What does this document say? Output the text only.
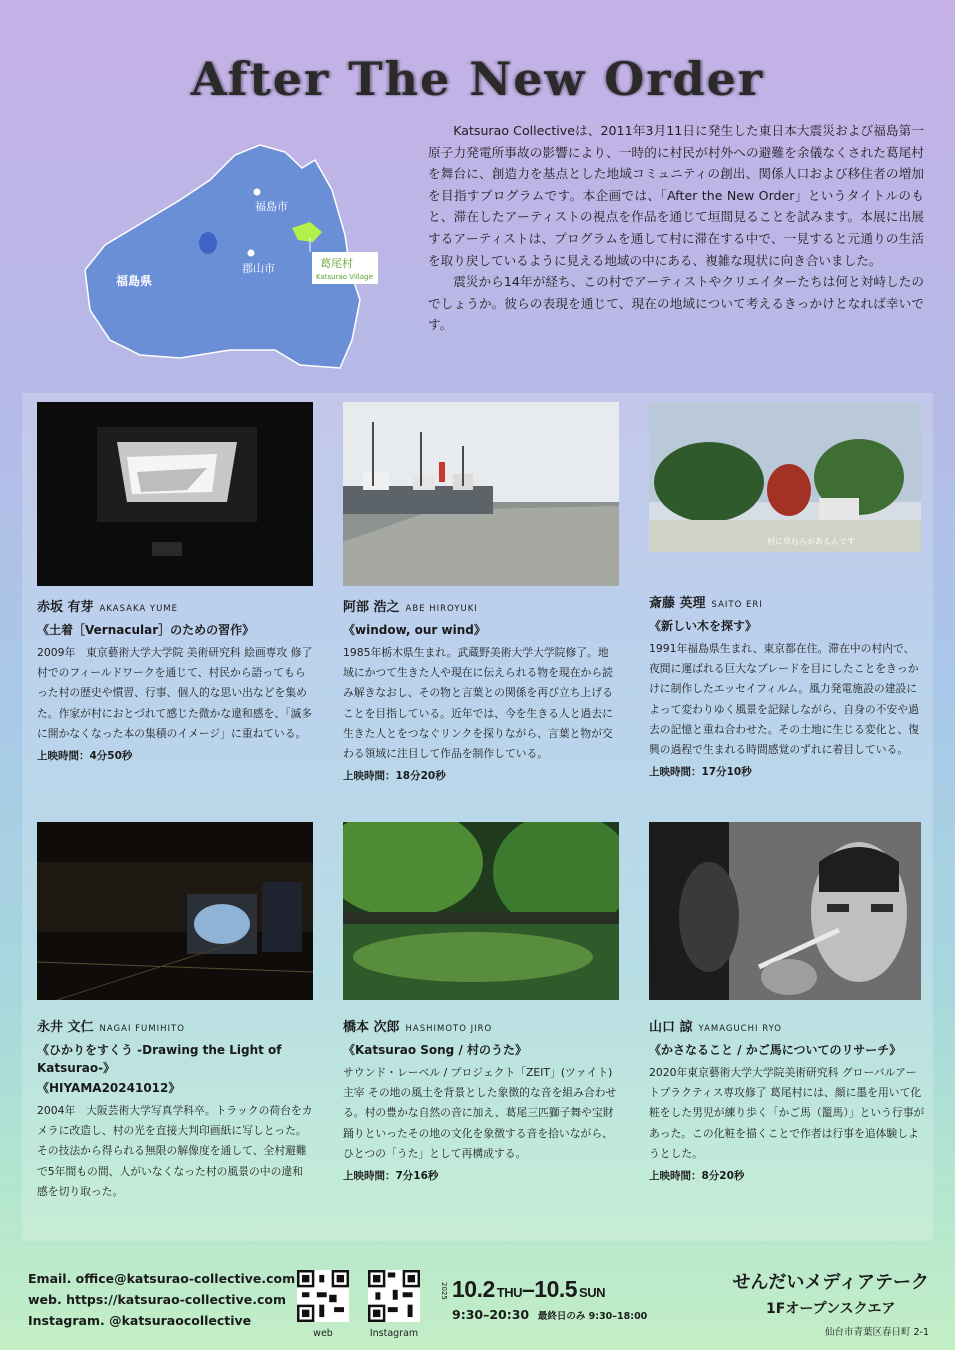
After The New Order
福島市
郡山市
福島県
葛尾村
Katsurao Village

Katsurao Collectiveは、2011年3月11日に発生した東日本大震災および福島第一原子力発電所事故の影響により、一時的に村民が村外への避難を余儀なくされた葛尾村を舞台に、創造力を基点とした地域コミュニティの創出、関係人口および移住者の増加を目指すプログラムです。本企画では、「After the New Order」というタイトルのもと、滞在したアーティストの視点を作品を通じて垣間見ることを試みます。本展に出展するアーティストは、プログラムを通して村に滞在する中で、一見すると元通りの生活を取り戻しているように見える地域の中にある、複雑な現状に向き合いました。

震災から14年が経ち、この村でアーティストやクリエイターたちは何と対峙したのでしょうか。彼らの表現を通じて、現在の地域について考えるきっかけとなれば幸いです。

赤坂 有芽 AKASAKA YUME
《土着［Vernacular］のための習作》
2009年　東京藝術大学大学院 美術研究科 絵画専攻 修了 村でのフィールドワークを通じて、村民から語ってもらった村の歴史や慣習、行事、個人的な思い出などを集めた。作家が村におとづれて感じた微かな違和感を、「滅多に開かなくなった本の集積のイメージ」に重ねている。
上映時間：4分50秒
阿部 浩之 ABE HIROYUKI
《window, our wind》
1985年栃木県生まれ。武蔵野美術大学大学院修了。地域にかつて生きた人や現在に伝えられる物を現在から読み解きなおし、その物と言葉との関係を再び立ち上げることを目指している。近年では、今を生きる人と過去に生きた人とをつなぐリンクを探りながら、言葉と物が交わる領域に注目して作品を制作している。
上映時間：18分20秒
村に草むらがあるんです
斎藤 英理 SAITO ERI
《新しい木を探す》
1991年福島県生まれ、東京都在住。滞在中の村内で、夜間に運ばれる巨大なブレードを目にしたことをきっかけに制作したエッセイフィルム。風力発電施設の建設によって変わりゆく風景を記録しながら、自身の不安や過去の記憶と重ね合わせた。その土地に生じる変化と、復興の過程で生まれる時間感覚のずれに着目している。
上映時間：17分10秒
永井 文仁 NAGAI FUMIHITO
《ひかりをすくう -Drawing the Light of Katsurao-》
《HIYAMA20241012》
2004年　大阪芸術大学写真学科卒。トラックの荷台をカメラに改造し、村の光を直接大判印画紙に写しとった。その技法から得られる無限の解像度を通して、全村避難で5年間もの間、人がいなくなった村の風景の中の違和感を切り取った。
橋本 次郎 HASHIMOTO JIRO
《Katsurao Song / 村のうた》
サウンド・レーベル / プロジェクト「ZEIT」(ツァイト) 主宰 その地の風土を背景とした象徴的な音を組み合わせる。村の豊かな自然の音に加え、葛尾三匹獅子舞や宝財踊りといったその地の文化を象徴する音を拾いながら、ひとつの「うた」として再構成する。
上映時間：7分16秒
山口 諒 YAMAGUCHI RYO
《かさなること / かご馬についてのリサーチ》
2020年東京藝術大学大学院美術研究科 グローバルアートプラクティス専攻修了 葛尾村には、顔に墨を用いて化粧をした男児が練り歩く「かご馬（籠馬）」という行事があった。この化粧を描くことで作者は行事を追体験しようとした。
上映時間：8分20秒
Email. office@katsurao-collective.com
web. https://katsurao-collective.com
Instagram. @katsuraocollective
web	Instagram
2025 10.2 THU–10.5 SUN
9:30–20:30 最終日のみ 9:30–18:00
せんだいメディアテーク
1Fオープンスクエア
仙台市青葉区春日町 2-1
